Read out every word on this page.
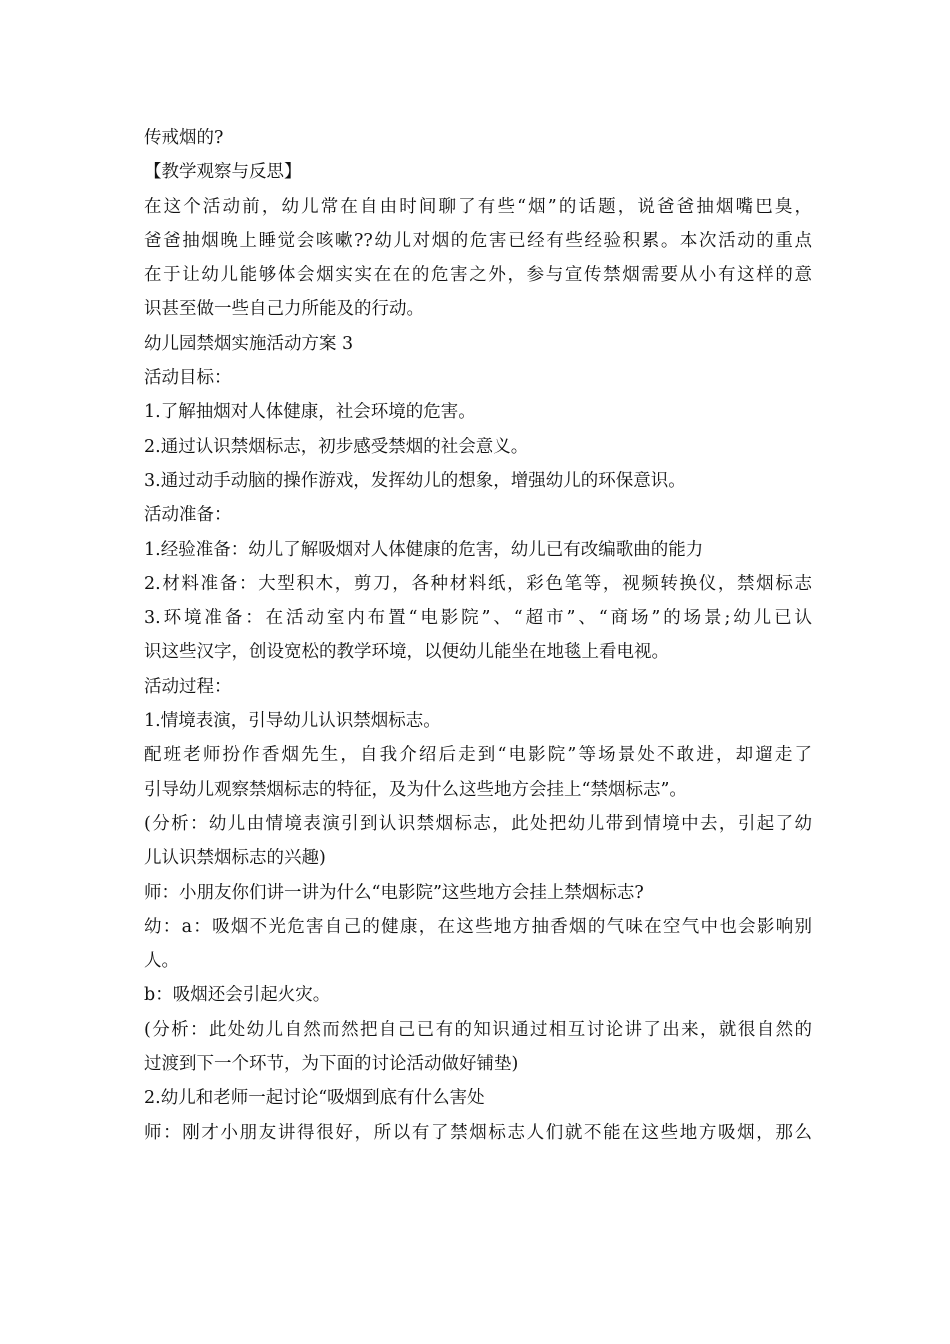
传戒烟的?
【教学观察与反思】
在这个活动前，幼儿常在自由时间聊了有些“烟”的话题，说爸爸抽烟嘴巴臭，
爸爸抽烟晚上睡觉会咳嗽??幼儿对烟的危害已经有些经验积累。本次活动的重点
在于让幼儿能够体会烟实实在在的危害之外，参与宣传禁烟需要从小有这样的意
识甚至做一些自己力所能及的行动。
幼儿园禁烟实施活动方案 3
活动目标：
1.了解抽烟对人体健康，社会环境的危害。
2.通过认识禁烟标志，初步感受禁烟的社会意义。
3.通过动手动脑的操作游戏，发挥幼儿的想象，增强幼儿的环保意识。
活动准备：
1.经验准备：幼儿了解吸烟对人体健康的危害，幼儿已有改编歌曲的能力
2.材料准备：大型积木，剪刀，各种材料纸，彩色笔等，视频转换仪，禁烟标志
3.环境准备：在活动室内布置“电影院”、“超市”、“商场”的场景;幼儿已认
识这些汉字，创设宽松的教学环境，以便幼儿能坐在地毯上看电视。
活动过程：
1.情境表演，引导幼儿认识禁烟标志。
配班老师扮作香烟先生，自我介绍后走到“电影院”等场景处不敢进，却遛走了
引导幼儿观察禁烟标志的特征，及为什么这些地方会挂上“禁烟标志”。
(分析：幼儿由情境表演引到认识禁烟标志，此处把幼儿带到情境中去，引起了幼
儿认识禁烟标志的兴趣)
师：小朋友你们讲一讲为什么“电影院”这些地方会挂上禁烟标志?
幼：a：吸烟不光危害自己的健康，在这些地方抽香烟的气味在空气中也会影响别
人。
b：吸烟还会引起火灾。
(分析：此处幼儿自然而然把自己已有的知识通过相互讨论讲了出来，就很自然的
过渡到下一个环节，为下面的讨论活动做好铺垫)
2.幼儿和老师一起讨论“吸烟到底有什么害处
师：刚才小朋友讲得很好，所以有了禁烟标志人们就不能在这些地方吸烟，那么
